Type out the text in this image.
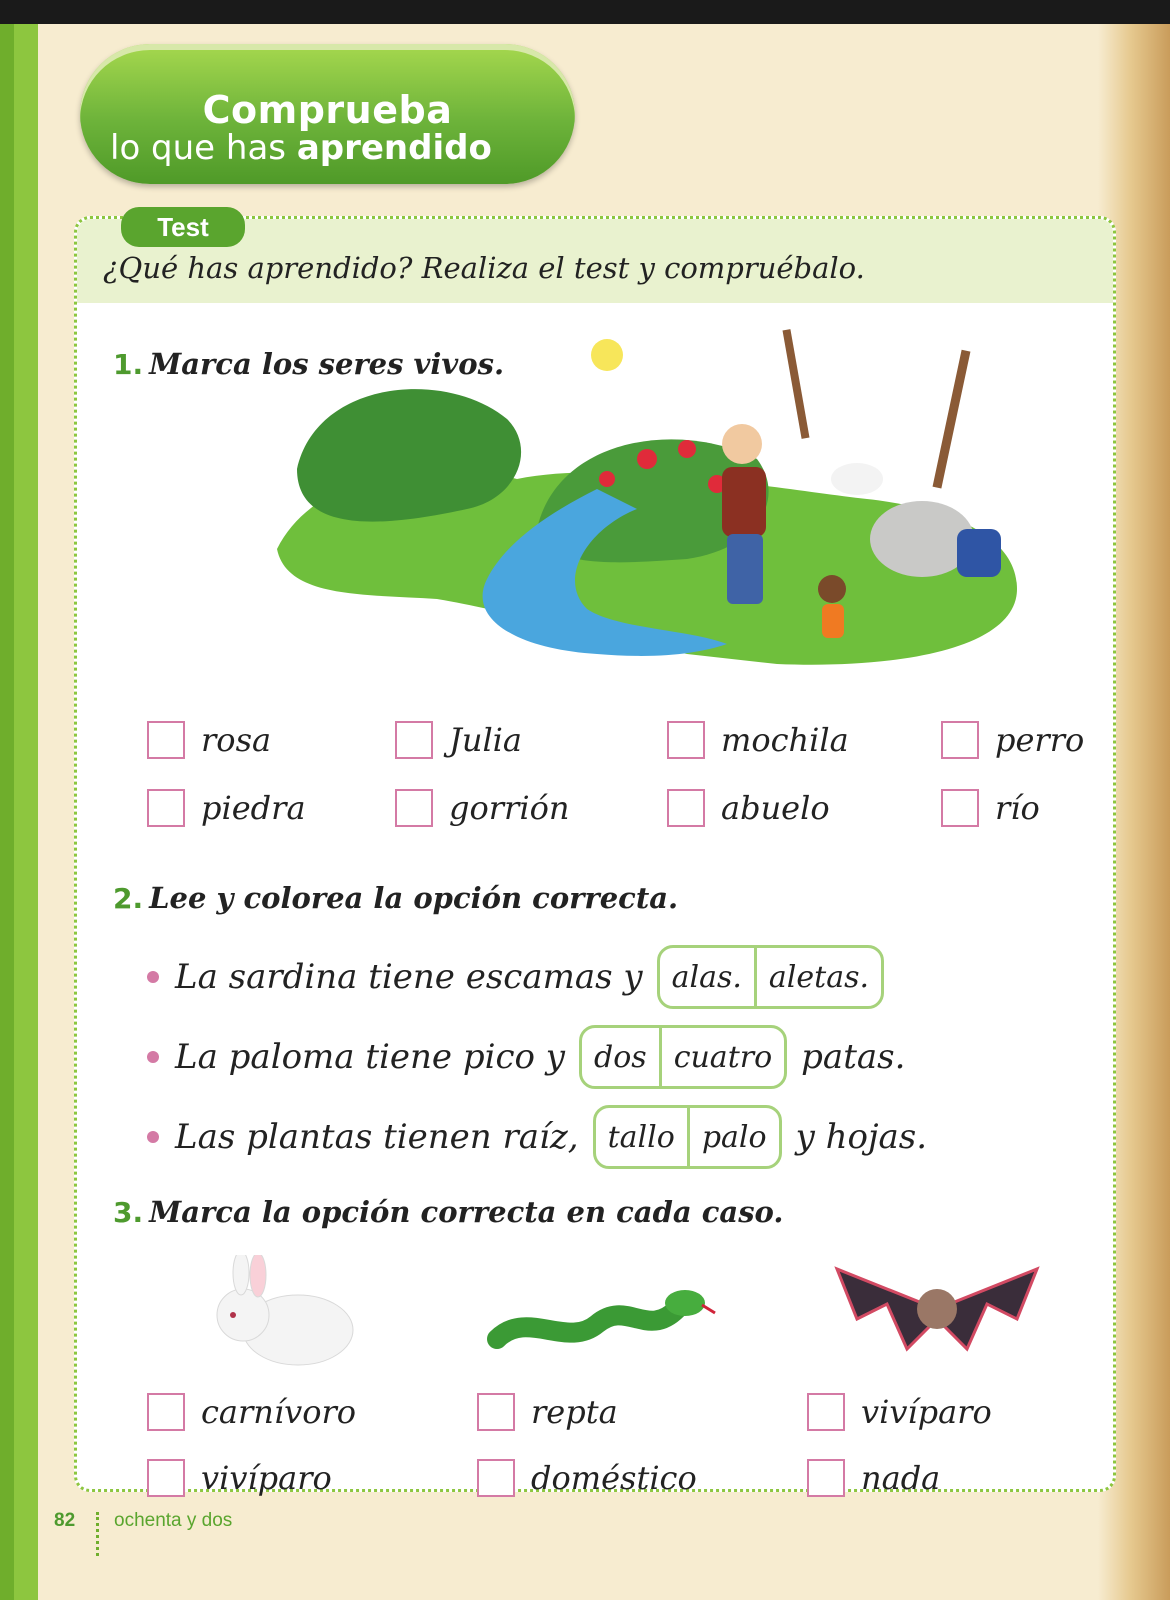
Comprueba
lo que has aprendido
Test
¿Qué has aprendido? Realiza el test y compruébalo.
1. Marca los seres vivos.
rosa	Julia	mochila	perro
piedra	gorrión	abuelo	río
2. Lee y colorea la opción correcta.
La sardina tiene escamas y alas. aletas.
La paloma tiene pico y dos cuatro patas.
Las plantas tienen raíz, tallo palo y hojas.
3. Marca la opción correcta en cada caso.
carnívoro	repta	vivíparo
vivíparo	doméstico	nada
82 ochenta y dos
